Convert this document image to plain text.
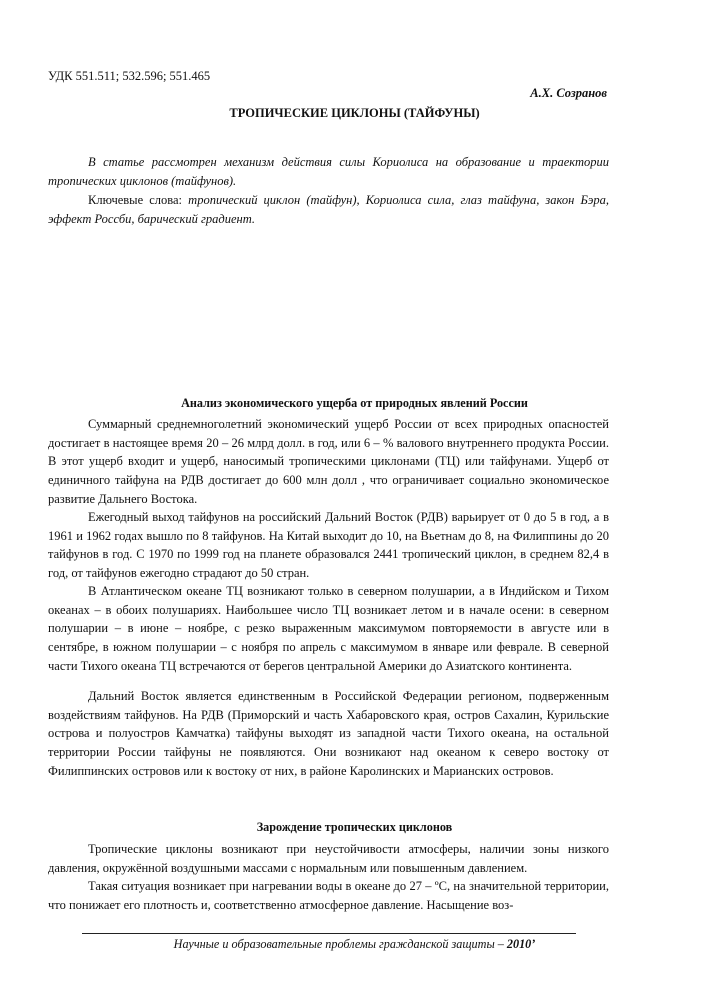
УДК 551.511; 532.596; 551.465
А.Х. Созранов
ТРОПИЧЕСКИЕ ЦИКЛОНЫ (ТАЙФУНЫ)

В статье рассмотрен механизм действия силы Кориолиса на образование и траектории тропических циклонов (тайфунов).

Ключевые слова: тропический циклон (тайфун), Кориолиса сила, глаз тайфуна, закон Бэра, эффект Россби, барический градиент.

Анализ экономического ущерба от природных явлений России

Суммарный среднемноголетний экономический ущерб России от всех природных опасностей достигает в настоящее время 20 – 26 млрд долл. в год, или 6 – % валового внутреннего продукта России. В этот ущерб входит и ущерб, наносимый тропическими циклонами (ТЦ) или тайфунами. Ущерб от единичного тайфуна на РДВ достигает до 600 млн долл , что ограничивает социально экономическое развитие Дальнего Востока.

Ежегодный выход тайфунов на российский Дальний Восток (РДВ) варьирует от 0 до 5 в год, а в 1961 и 1962 годах вышло по 8 тайфунов. На Китай выходит до 10, на Вьетнам до 8, на Филиппины до 20 тайфунов в год. С 1970 по 1999 год на планете образовался 2441 тропический циклон, в среднем 82,4 в год, от тайфунов ежегодно страдают до 50 стран.

В Атлантическом океане ТЦ возникают только в северном полушарии, а в Индийском и Тихом океанах – в обоих полушариях. Наибольшее число ТЦ возникает летом и в начале осени: в северном полушарии – в июне – ноябре, с резко выраженным максимумом повторяемости в августе или в сентябре, в южном полушарии – с ноября по апрель с максимумом в январе или феврале. В северной части Тихого океана ТЦ встречаются от берегов центральной Америки до Азиатского континента.

Дальний Восток является единственным в Российской Федерации регионом, подверженным воздействиям тайфунов. На РДВ (Приморский и часть Хабаровского края, остров Сахалин, Курильские острова и полуостров Камчатка) тайфуны выходят из западной части Тихого океана, на остальной территории России тайфуны не появляются. Они возникают над океаном к северо востоку от Филиппинских островов или к востоку от них, в районе Каролинских и Марианских островов.

Зарождение тропических циклонов

Тропические циклоны возникают при неустойчивости атмосферы, наличии зоны низкого давления, окружённой воздушными массами с нормальным или повышенным давлением.

Такая ситуация возникает при нагревании воды в океане до 27 – ºС, на значительной территории, что понижает его плотность и, соответственно атмосферное давление. Насыщение воз-

Научные и образовательные проблемы гражданской защиты – 2010’
